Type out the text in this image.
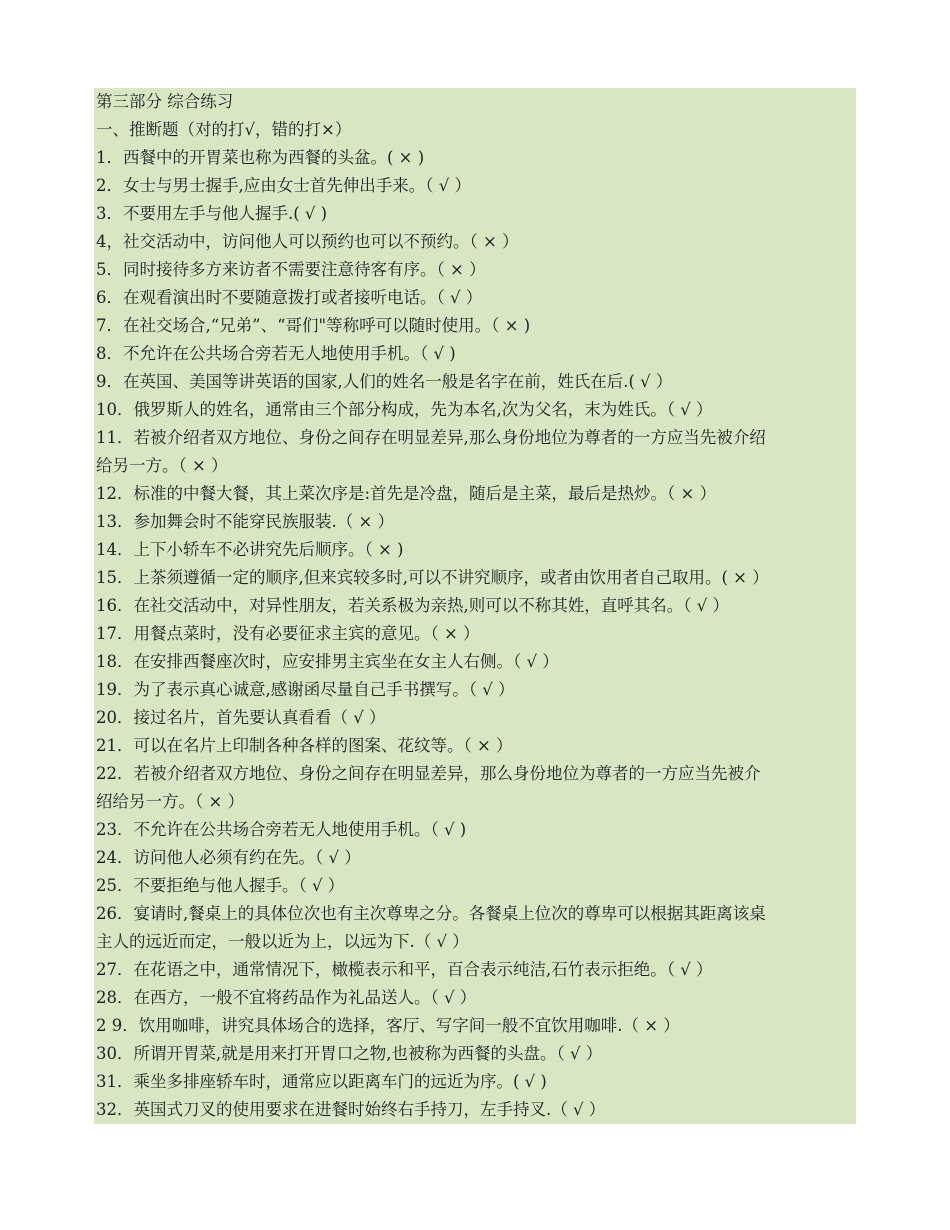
第三部分 综合练习
一、推断题（对的打√，错的打×）
1．西餐中的开胃菜也称为西餐的头盆。( × )
2．女士与男士握手,应由女士首先伸出手来。（ √ ）
3．不要用左手与他人握手.( √ )
4，社交活动中，访问他人可以预约也可以不预约。（ × ）
5．同时接待多方来访者不需要注意待客有序。（ × ）
6．在观看演出时不要随意拨打或者接听电话。（ √ ）
7．在社交场合,“兄弟”、“哥们"等称呼可以随时使用。（ × )
8．不允许在公共场合旁若无人地使用手机。（ √ )
9．在英国、美国等讲英语的国家,人们的姓名一般是名字在前，姓氏在后.( √ ）
10．俄罗斯人的姓名，通常由三个部分构成，先为本名,次为父名，末为姓氏。（ √ ）
11．若被介绍者双方地位、身份之间存在明显差异,那么身份地位为尊者的一方应当先被介绍
给另一方。（ × ）
12．标准的中餐大餐，其上菜次序是:首先是冷盘，随后是主菜，最后是热炒。（ × ）
13．参加舞会时不能穿民族服装.（ × ）
14．上下小轿车不必讲究先后顺序。（ × )
15．上茶须遵循一定的顺序,但来宾较多时,可以不讲究顺序，或者由饮用者自己取用。( × ）
16．在社交活动中，对异性朋友，若关系极为亲热,则可以不称其姓，直呼其名。（ √ ）
17．用餐点菜时，没有必要征求主宾的意见。（ × ）
18．在安排西餐座次时，应安排男主宾坐在女主人右侧。（ √ ）
19．为了表示真心诚意,感谢函尽量自己手书撰写。（ √ ）
20．接过名片，首先要认真看看（ √ ）
21．可以在名片上印制各种各样的图案、花纹等。（ × ）
22．若被介绍者双方地位、身份之间存在明显差异，那么身份地位为尊者的一方应当先被介
绍给另一方。（ × ）
23．不允许在公共场合旁若无人地使用手机。（ √ )
24．访问他人必须有约在先。（ √ ）
25．不要拒绝与他人握手。（ √ ）
26．宴请时,餐桌上的具体位次也有主次尊卑之分。各餐桌上位次的尊卑可以根据其距离该桌
主人的远近而定，一般以近为上，以远为下.（ √ ）
27．在花语之中，通常情况下，橄榄表示和平，百合表示纯洁,石竹表示拒绝。（ √ ）
28．在西方，一般不宜将药品作为礼品送人。（ √ ）
2 9．饮用咖啡，讲究具体场合的选择，客厅、写字间一般不宜饮用咖啡.（ × ）
30．所谓开胃菜,就是用来打开胃口之物,也被称为西餐的头盘。（ √ ）
31．乘坐多排座轿车时，通常应以距离车门的远近为序。( √ )
32．英国式刀叉的使用要求在进餐时始终右手持刀，左手持叉.（ √ ）
